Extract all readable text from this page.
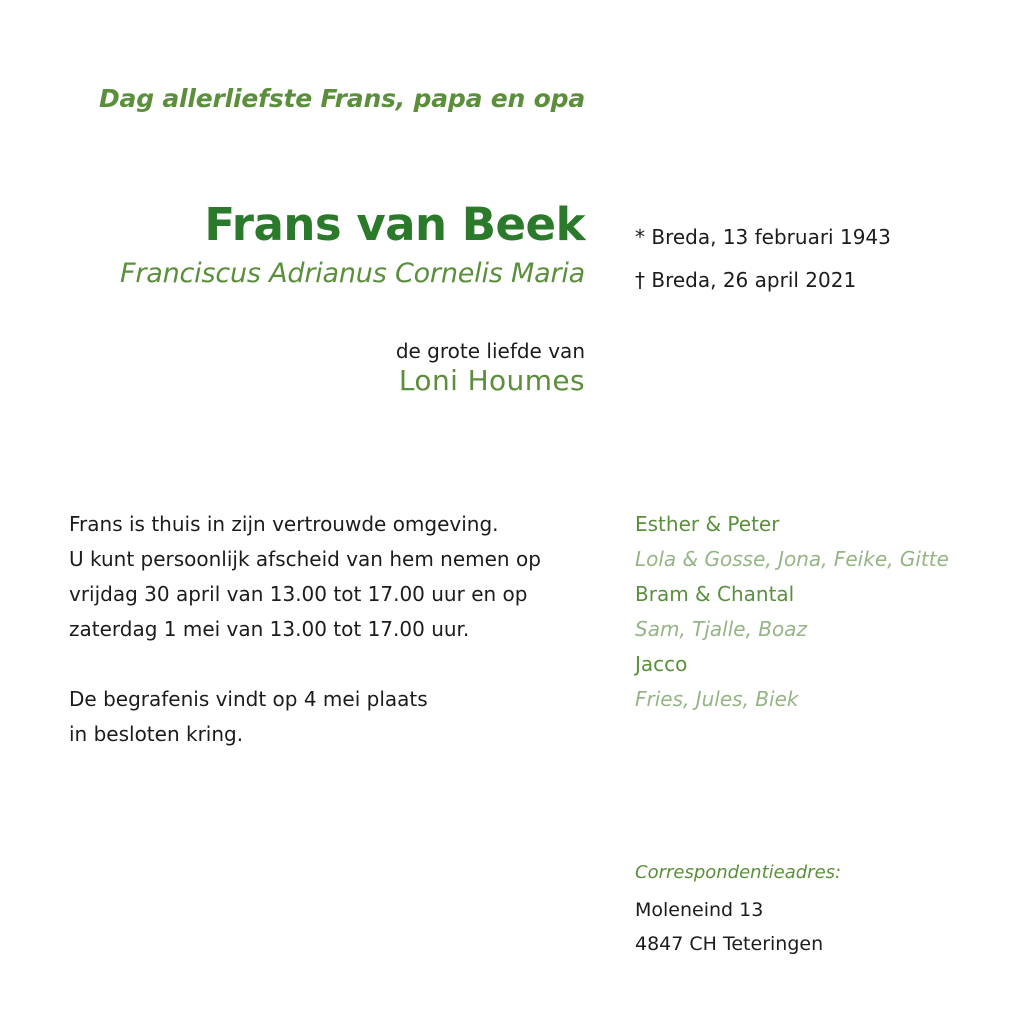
Dag allerliefste Frans, papa en opa
Frans van Beek
Franciscus Adrianus Cornelis Maria
* Breda, 13 februari 1943
† Breda, 26 april 2021
de grote liefde van
Loni Houmes
Frans is thuis in zijn vertrouwde omgeving.
U kunt persoonlijk afscheid van hem nemen op
vrijdag 30 april van 13.00 tot 17.00 uur en op
zaterdag 1 mei van 13.00 tot 17.00 uur.
De begrafenis vindt op 4 mei plaats
in besloten kring.
Esther & Peter
Lola & Gosse, Jona, Feike, Gitte
Bram & Chantal
Sam, Tjalle, Boaz
Jacco
Fries, Jules, Biek
Correspondentieadres:
Moleneind 13
4847 CH Teteringen
